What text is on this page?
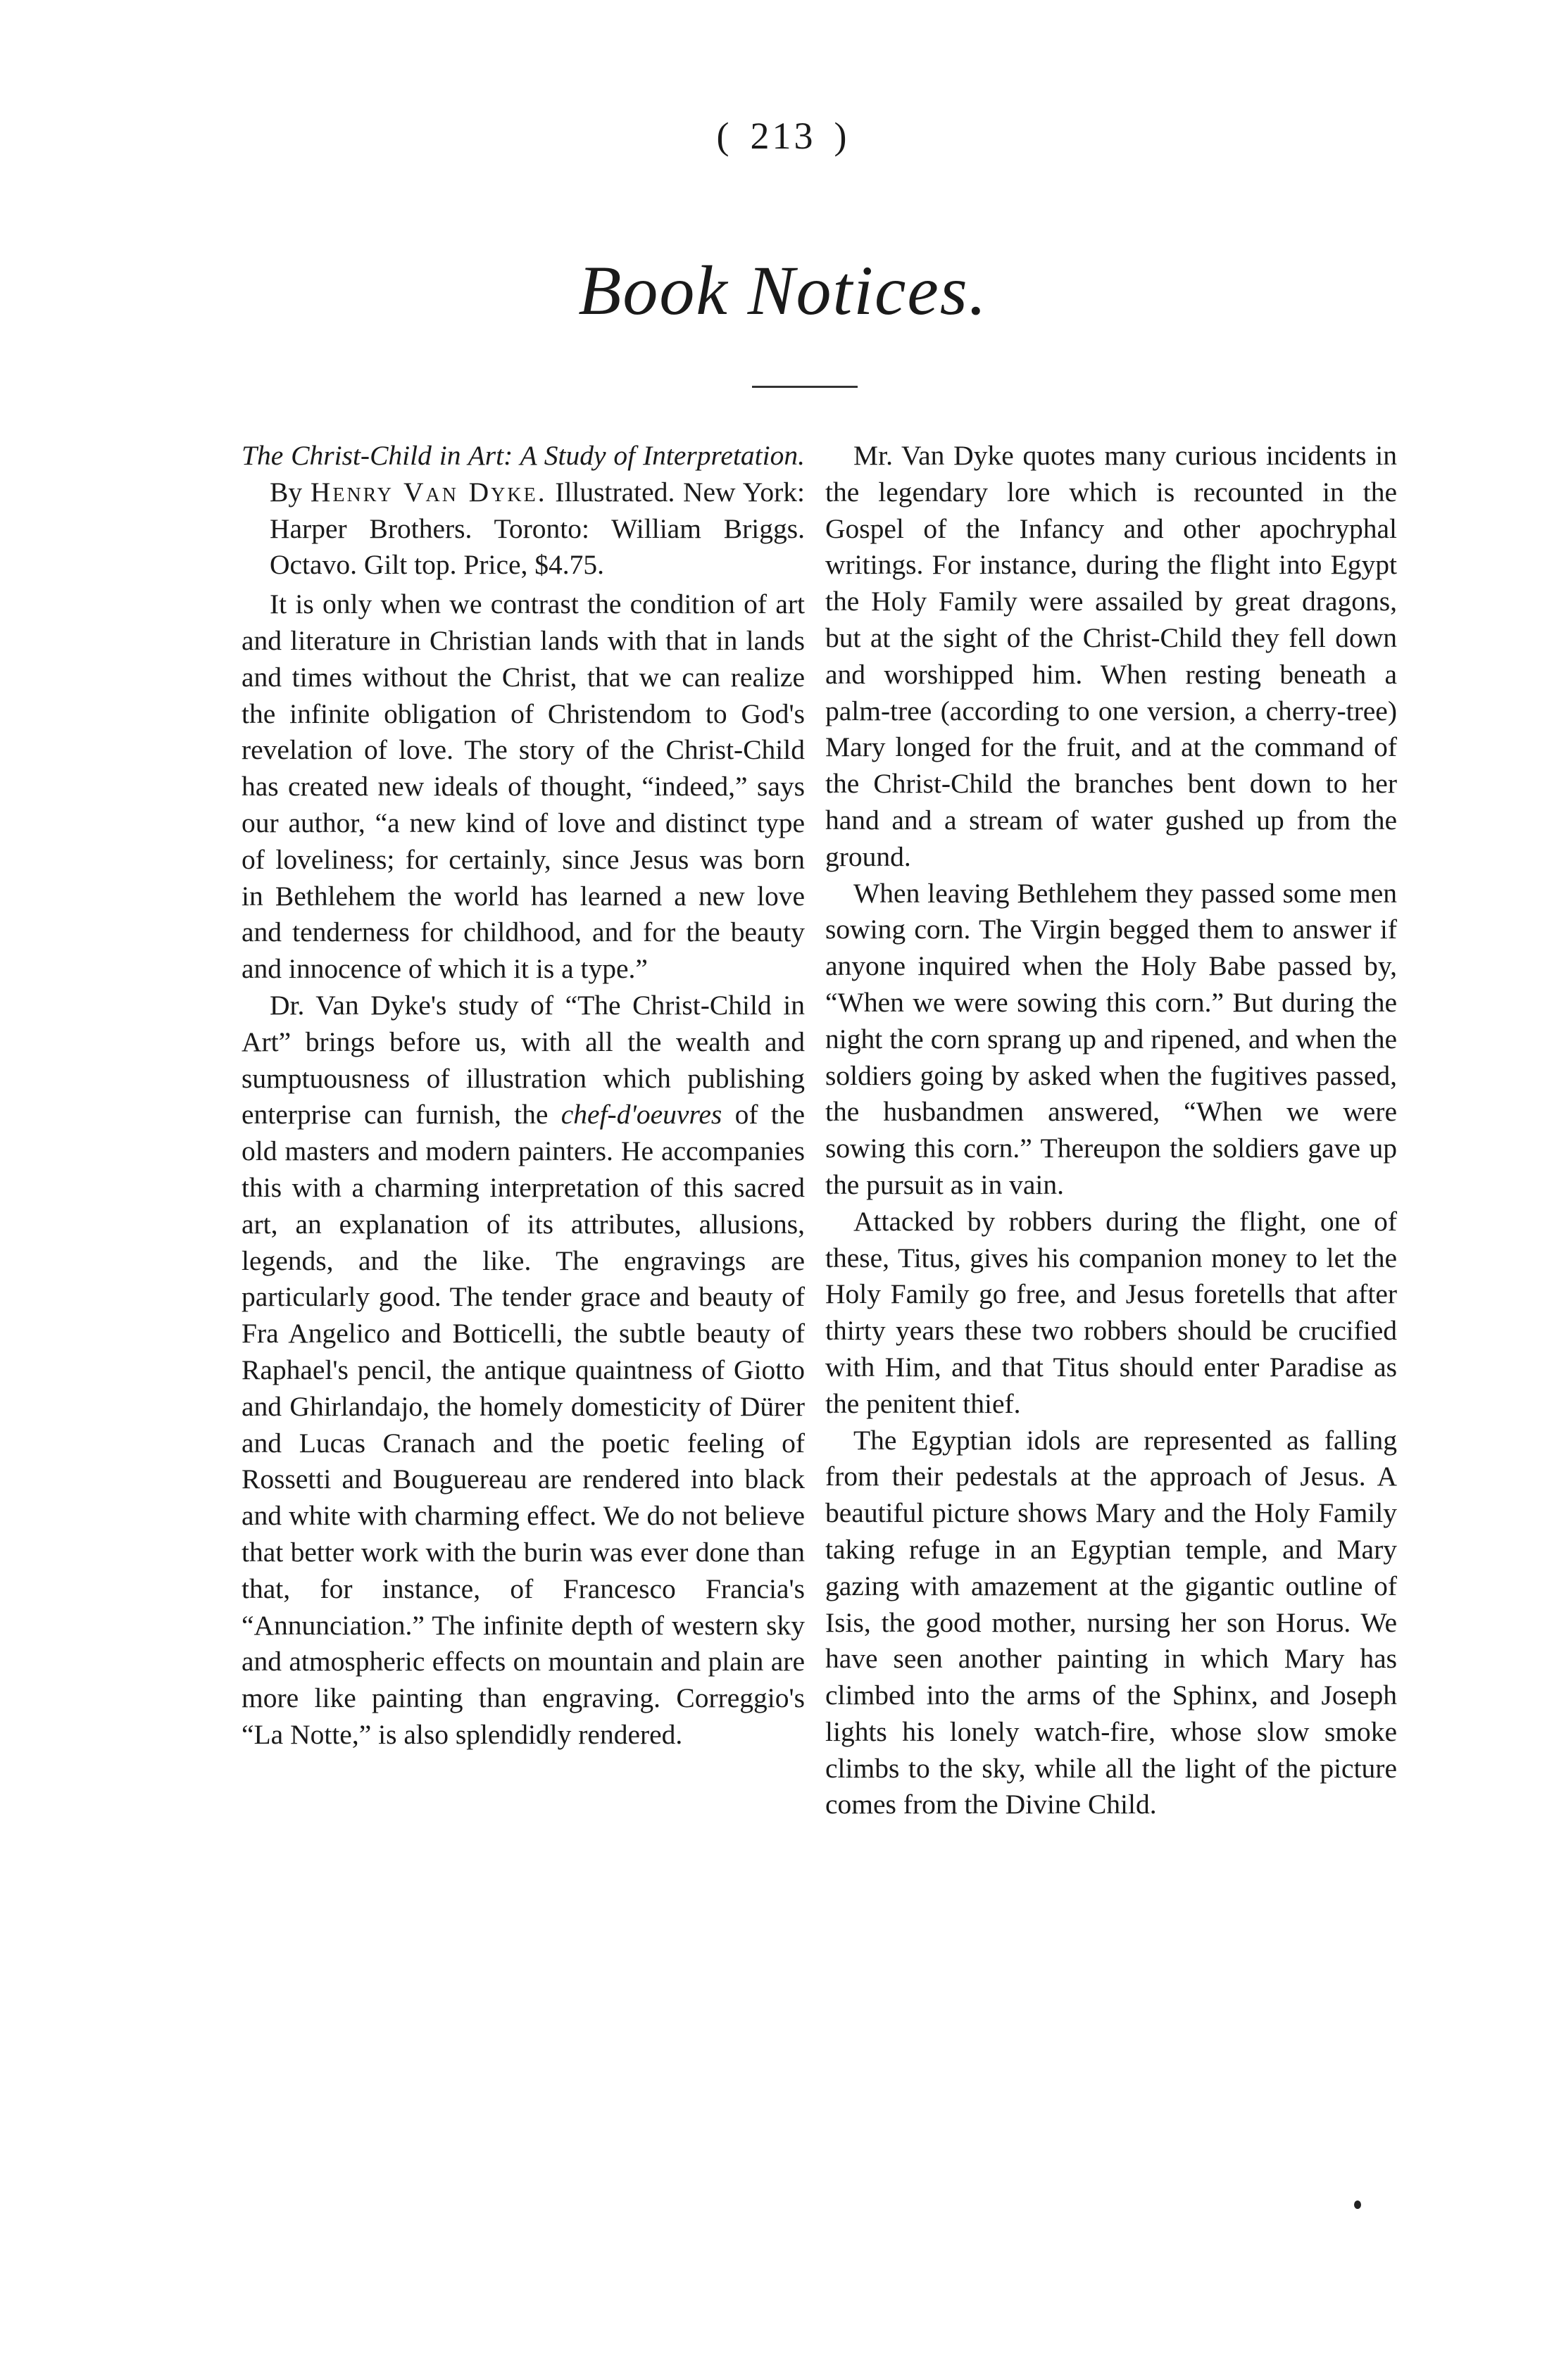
( 213 )
Book Notices.

The Christ-Child in Art: A Study of Interpretation. By Henry Van Dyke. Illustrated. New York: Harper Brothers. Toronto: William Briggs. Octavo. Gilt top. Price, $4.75.

It is only when we contrast the condition of art and literature in Christian lands with that in lands and times without the Christ, that we can realize the infinite obligation of Christendom to God's revelation of love. The story of the Christ-Child has created new ideals of thought, “indeed,” says our author, “a new kind of love and distinct type of loveliness; for certainly, since Jesus was born in Bethlehem the world has learned a new love and tenderness for childhood, and for the beauty and innocence of which it is a type.”

Dr. Van Dyke's study of “The Christ-Child in Art” brings before us, with all the wealth and sumptuousness of illustration which publishing enterprise can furnish, the chef-d'oeuvres of the old masters and modern painters. He accompanies this with a charming interpretation of this sacred art, an explanation of its attributes, allusions, legends, and the like. The engravings are particularly good. The tender grace and beauty of Fra Angelico and Botticelli, the subtle beauty of Raphael's pencil, the antique quaintness of Giotto and Ghirlandajo, the homely domesticity of Dürer and Lucas Cranach and the poetic feeling of Rossetti and Bouguereau are rendered into black and white with charming effect. We do not believe that better work with the burin was ever done than that, for instance, of Francesco Francia's “Annunciation.” The infinite depth of western sky and atmospheric effects on mountain and plain are more like painting than engraving. Correggio's “La Notte,” is also splendidly rendered.

Mr. Van Dyke quotes many curious incidents in the legendary lore which is recounted in the Gospel of the Infancy and other apochryphal writings. For instance, during the flight into Egypt the Holy Family were assailed by great dragons, but at the sight of the Christ-Child they fell down and worshipped him. When resting beneath a palm-tree (according to one version, a cherry-tree) Mary longed for the fruit, and at the command of the Christ-Child the branches bent down to her hand and a stream of water gushed up from the ground.

When leaving Bethlehem they passed some men sowing corn. The Virgin begged them to answer if anyone inquired when the Holy Babe passed by, “When we were sowing this corn.” But during the night the corn sprang up and ripened, and when the soldiers going by asked when the fugitives passed, the husbandmen answered, “When we were sowing this corn.” Thereupon the soldiers gave up the pursuit as in vain.

Attacked by robbers during the flight, one of these, Titus, gives his companion money to let the Holy Family go free, and Jesus foretells that after thirty years these two robbers should be crucified with Him, and that Titus should enter Paradise as the penitent thief.

The Egyptian idols are represented as falling from their pedestals at the approach of Jesus. A beautiful picture shows Mary and the Holy Family taking refuge in an Egyptian temple, and Mary gazing with amazement at the gigantic outline of Isis, the good mother, nursing her son Horus. We have seen another painting in which Mary has climbed into the arms of the Sphinx, and Joseph lights his lonely watch-fire, whose slow smoke climbs to the sky, while all the light of the picture comes from the Divine Child.
